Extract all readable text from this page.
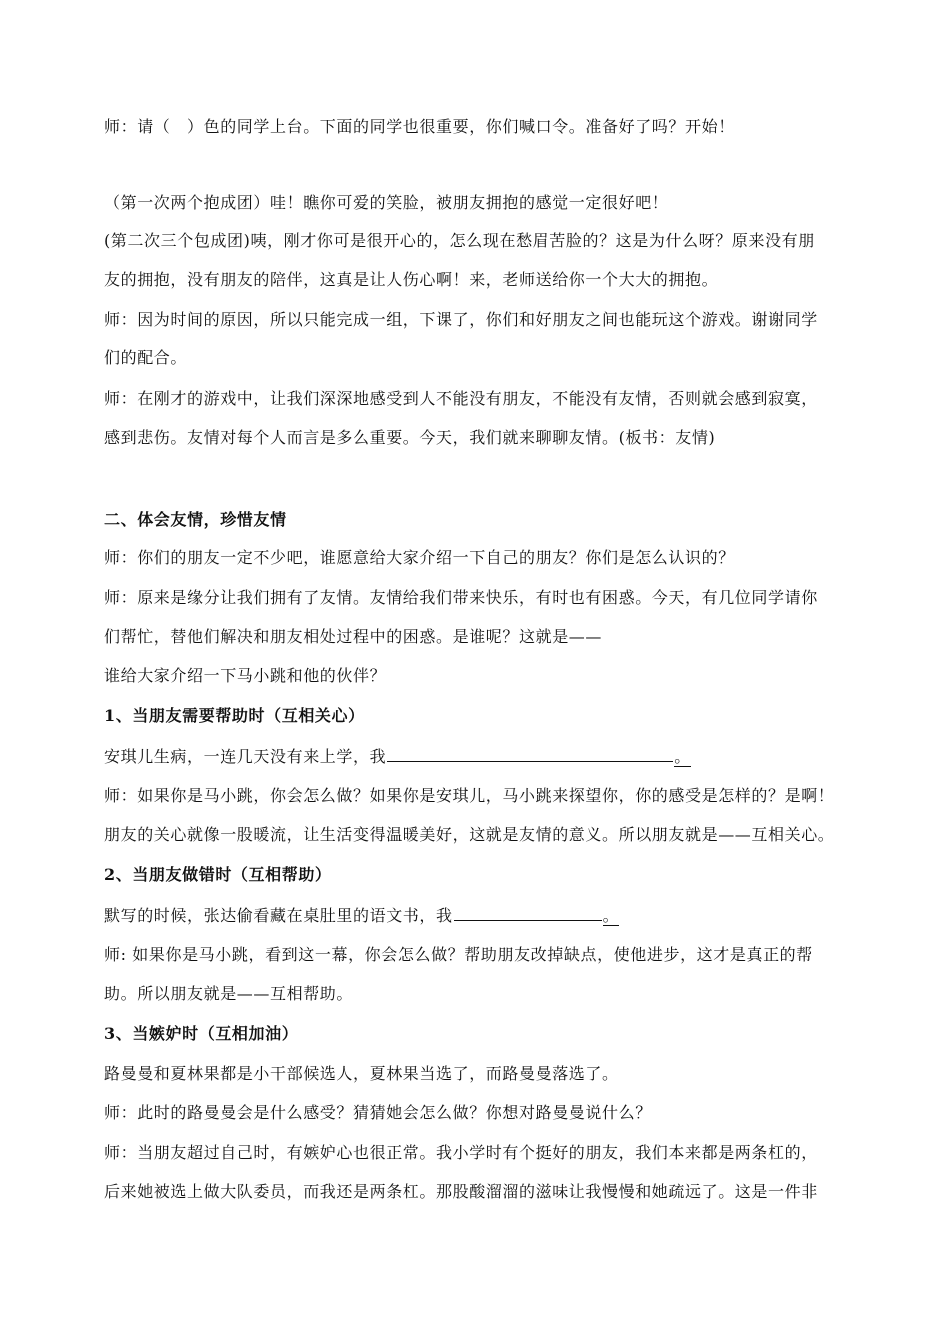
师：请（　）色的同学上台。下面的同学也很重要，你们喊口令。准备好了吗？开始！
（第一次两个抱成团）哇！瞧你可爱的笑脸，被朋友拥抱的感觉一定很好吧！
(第二次三个包成团)咦，刚才你可是很开心的，怎么现在愁眉苦脸的？这是为什么呀？原来没有朋
友的拥抱，没有朋友的陪伴，这真是让人伤心啊！来，老师送给你一个大大的拥抱。
师：因为时间的原因，所以只能完成一组，下课了，你们和好朋友之间也能玩这个游戏。谢谢同学
们的配合。
师：在刚才的游戏中，让我们深深地感受到人不能没有朋友，不能没有友情，否则就会感到寂寞，
感到悲伤。友情对每个人而言是多么重要。今天，我们就来聊聊友情。(板书：友情)
二、体会友情，珍惜友情
师：你们的朋友一定不少吧，谁愿意给大家介绍一下自己的朋友？你们是怎么认识的？
师：原来是缘分让我们拥有了友情。友情给我们带来快乐，有时也有困惑。今天，有几位同学请你
们帮忙，替他们解决和朋友相处过程中的困惑。是谁呢？这就是——
谁给大家介绍一下马小跳和他的伙伴？
1、当朋友需要帮助时（互相关心）
安琪儿生病，一连几天没有来上学，我	。
师：如果你是马小跳，你会怎么做？如果你是安琪儿，马小跳来探望你，你的感受是怎样的？是啊！
朋友的关心就像一股暖流，让生活变得温暖美好，这就是友情的意义。所以朋友就是——互相关心。
2、当朋友做错时（互相帮助）
默写的时候，张达偷看藏在桌肚里的语文书，我	。
师: 如果你是马小跳，看到这一幕，你会怎么做？帮助朋友改掉缺点，使他进步，这才是真正的帮
助。所以朋友就是——互相帮助。
3、当嫉妒时（互相加油）
路曼曼和夏林果都是小干部候选人，夏林果当选了，而路曼曼落选了。
师：此时的路曼曼会是什么感受？猜猜她会怎么做？你想对路曼曼说什么？
师：当朋友超过自己时，有嫉妒心也很正常。我小学时有个挺好的朋友，我们本来都是两条杠的，
后来她被选上做大队委员，而我还是两条杠。那股酸溜溜的滋味让我慢慢和她疏远了。这是一件非
